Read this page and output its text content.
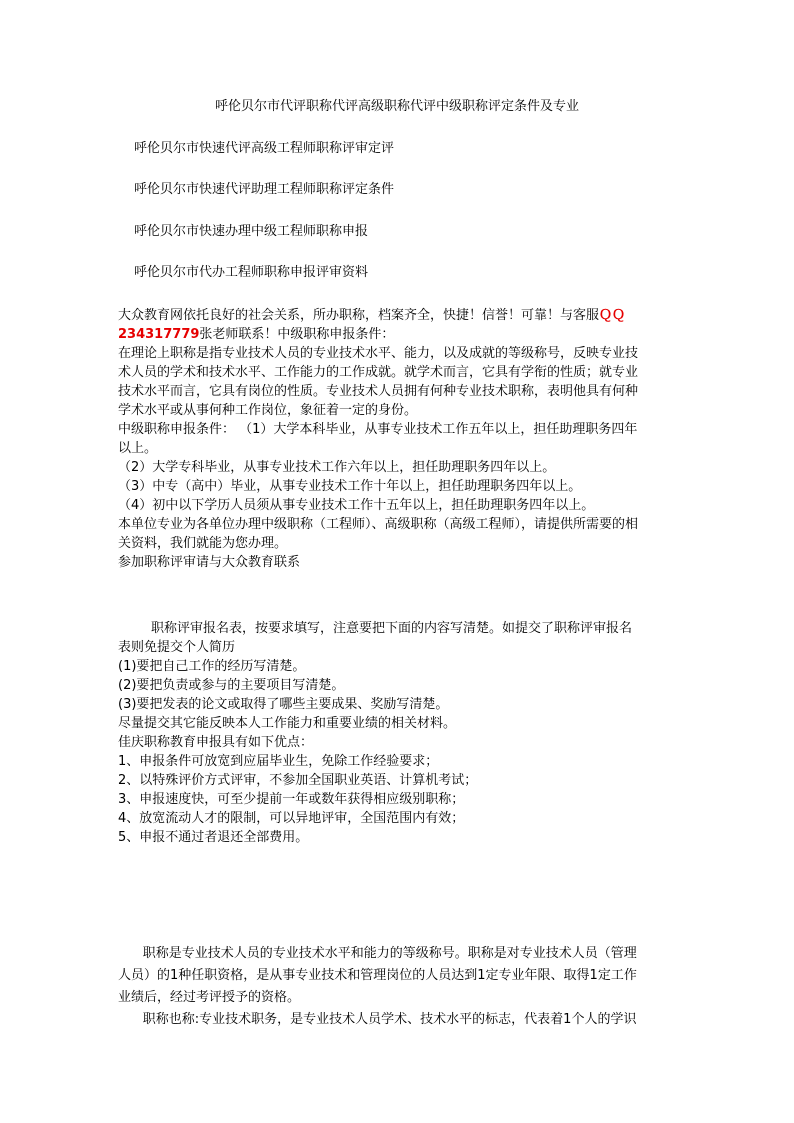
呼伦贝尔市代评职称代评高级职称代评中级职称评定条件及专业
呼伦贝尔市快速代评高级工程师职称评审定评
呼伦贝尔市快速代评助理工程师职称评定条件
呼伦贝尔市快速办理中级工程师职称申报
呼伦贝尔市代办工程师职称申报评审资料

大众教育网依托良好的社会关系，所办职称，档案齐全，快捷！信誉！可靠！与客服ＱＱ

234317779张老师联系！中级职称申报条件：

在理论上职称是指专业技术人员的专业技术水平、能力，以及成就的等级称号，反映专业技

术人员的学术和技术水平、工作能力的工作成就。就学术而言，它具有学衔的性质；就专业

技术水平而言，它具有岗位的性质。专业技术人员拥有何种专业技术职称，表明他具有何种

学术水平或从事何种工作岗位，象征着一定的身份。

中级职称申报条件： （1）大学本科毕业，从事专业技术工作五年以上，担任助理职务四年

以上。

（2）大学专科毕业，从事专业技术工作六年以上，担任助理职务四年以上。

（3）中专（高中）毕业，从事专业技术工作十年以上，担任助理职务四年以上。

（4）初中以下学历人员须从事专业技术工作十五年以上，担任助理职务四年以上。

本单位专业为各单位办理中级职称（工程师）、高级职称（高级工程师），请提供所需要的相

关资料，我们就能为您办理。

参加职称评审请与大众教育联系

职称评审报名表，按要求填写，注意要把下面的内容写清楚。如提交了职称评审报名

表则免提交个人简历

(1)要把自己工作的经历写清楚。

(2)要把负责或参与的主要项目写清楚。

(3)要把发表的论文或取得了哪些主要成果、奖励写清楚。

尽量提交其它能反映本人工作能力和重要业绩的相关材料。

佳庆职称教育申报具有如下优点：

1、申报条件可放宽到应届毕业生，免除工作经验要求；

2、以特殊评价方式评审，不参加全国职业英语、计算机考试；

3、申报速度快，可至少提前一年或数年获得相应级别职称；

4、放宽流动人才的限制，可以异地评审，全国范围内有效；

5、申报不通过者退还全部费用。

职称是专业技术人员的专业技术水平和能力的等级称号。职称是对专业技术人员（管理

人员）的1种任职资格，是从事专业技术和管理岗位的人员达到1定专业年限、取得1定工作

业绩后，经过考评授予的资格。

职称也称:专业技术职务，是专业技术人员学术、技术水平的标志，代表着1个人的学识
